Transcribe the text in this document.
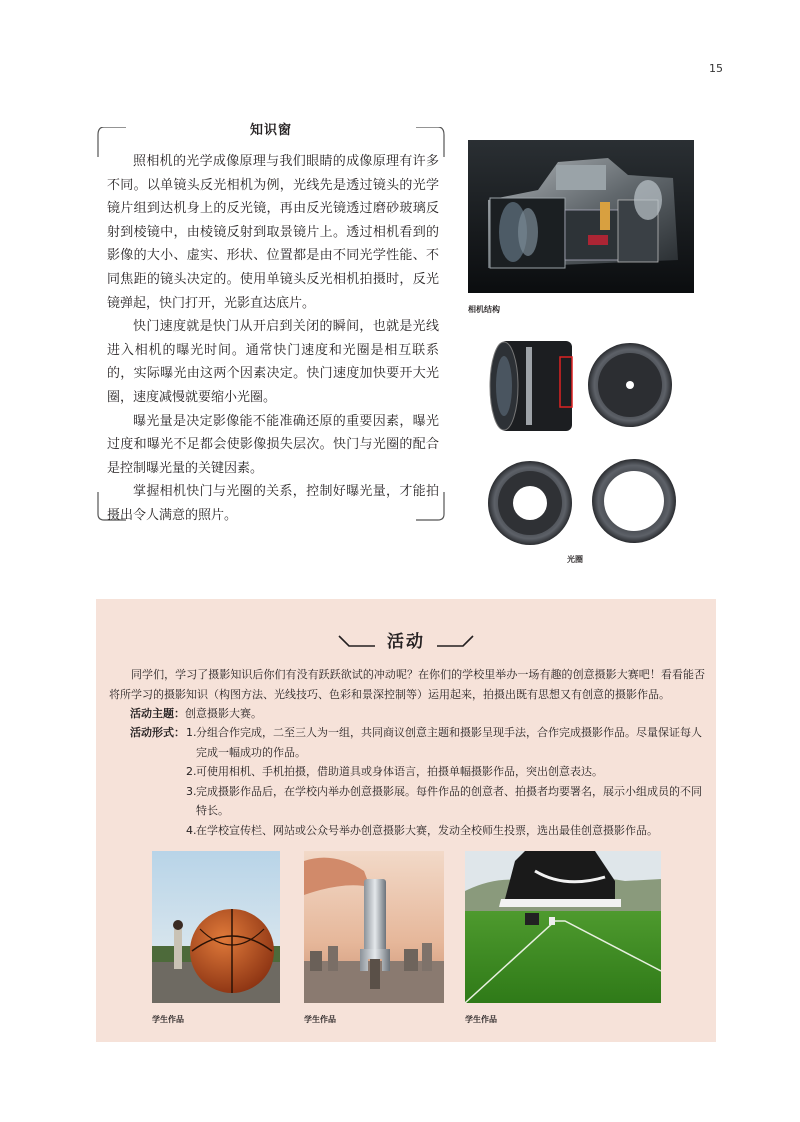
15
知识窗

照相机的光学成像原理与我们眼睛的成像原理有许多不同。以单镜头反光相机为例，光线先是透过镜头的光学镜片组到达机身上的反光镜，再由反光镜透过磨砂玻璃反射到棱镜中，由棱镜反射到取景镜片上。透过相机看到的影像的大小、虚实、形状、位置都是由不同光学性能、不同焦距的镜头决定的。使用单镜头反光相机拍摄时，反光镜弹起，快门打开，光影直达底片。

快门速度就是快门从开启到关闭的瞬间，也就是光线进入相机的曝光时间。通常快门速度和光圈是相互联系的，实际曝光由这两个因素决定。快门速度加快要开大光圈，速度减慢就要缩小光圈。

曝光量是决定影像能不能准确还原的重要因素，曝光过度和曝光不足都会使影像损失层次。快门与光圈的配合是控制曝光量的关键因素。

掌握相机快门与光圈的关系，控制好曝光量，才能拍摄出令人满意的照片。

相机结构
光圈
活动

同学们，学习了摄影知识后你们有没有跃跃欲试的冲动呢？在你们的学校里举办一场有趣的创意摄影大赛吧！看看能否将所学习的摄影知识（构图方法、光线技巧、色彩和景深控制等）运用起来，拍摄出既有思想又有创意的摄影作品。

活动主题：创意摄影大赛。
活动形式： 1. 分组合作完成，二至三人为一组，共同商议创意主题和摄影呈现手法，合作完成摄影作品。尽量保证每人完成一幅成功的作品。
2. 可使用相机、手机拍摄，借助道具或身体语言，拍摄单幅摄影作品，突出创意表达。
3. 完成摄影作品后，在学校内举办创意摄影展。每件作品的创意者、拍摄者均要署名，展示小组成员的不同特长。
4. 在学校宣传栏、网站或公众号举办创意摄影大赛，发动全校师生投票，选出最佳创意摄影作品。
学生作品	学生作品	学生作品
